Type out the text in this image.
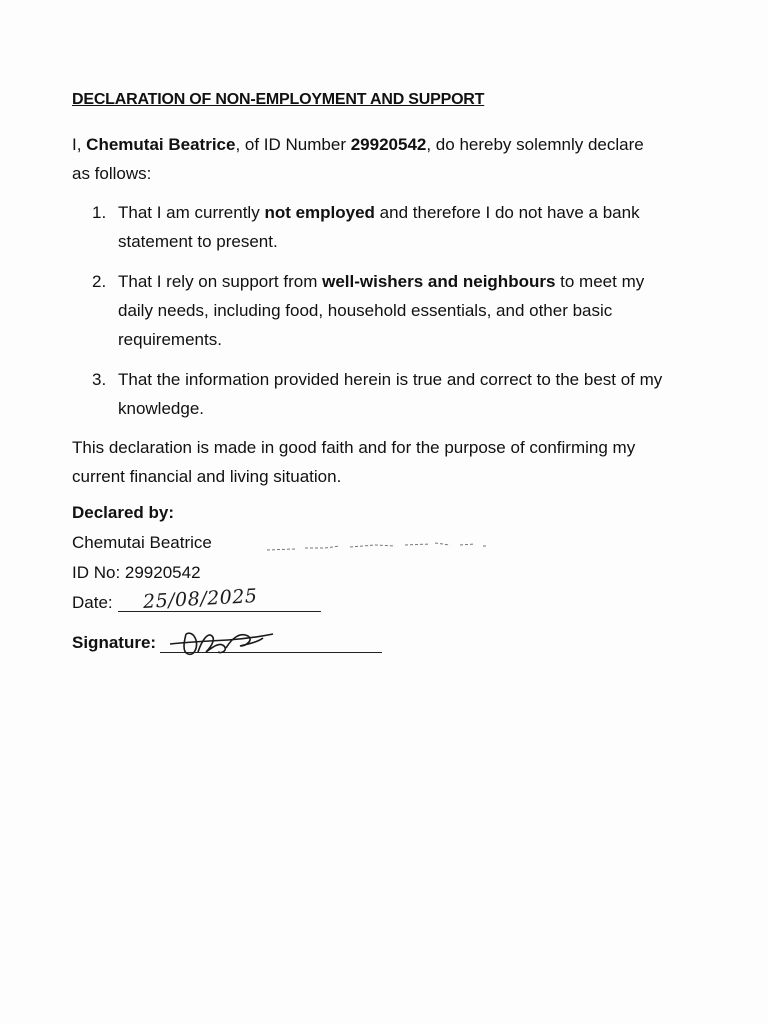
DECLARATION OF NON-EMPLOYMENT AND SUPPORT
I, Chemutai Beatrice, of ID Number 29920542, do hereby solemnly declare as follows:
1. That I am currently not employed and therefore I do not have a bank statement to present.
2. That I rely on support from well-wishers and neighbours to meet my daily needs, including food, household essentials, and other basic requirements.
3. That the information provided herein is true and correct to the best of my knowledge.
This declaration is made in good faith and for the purpose of confirming my current financial and living situation.
Declared by:
Chemutai Beatrice
ID No: 29920542
Date: 25/08/2025
Signature:
